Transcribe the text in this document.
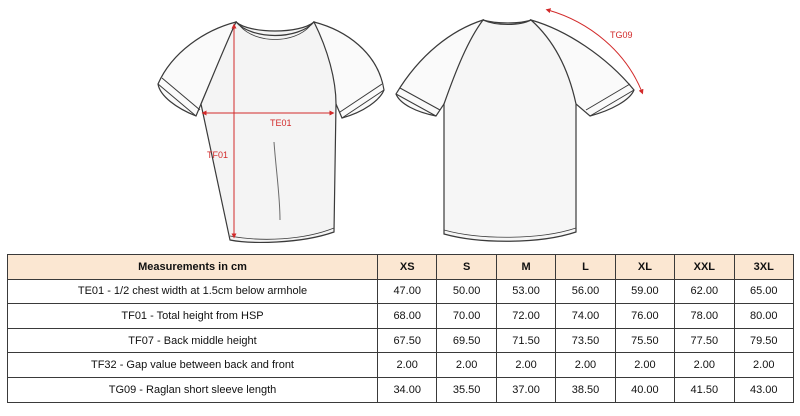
TF01
TE01
TG09
Measurements in cm	XS	S	M	L	XL	XXL	3XL
TE01 - 1/2 chest width at 1.5cm below armhole	47.00	50.00	53.00	56.00	59.00	62.00	65.00
TF01 - Total height from HSP	68.00	70.00	72.00	74.00	76.00	78.00	80.00
TF07 - Back middle height	67.50	69.50	71.50	73.50	75.50	77.50	79.50
TF32 - Gap value between back and front	2.00	2.00	2.00	2.00	2.00	2.00	2.00
TG09 - Raglan short sleeve length	34.00	35.50	37.00	38.50	40.00	41.50	43.00
